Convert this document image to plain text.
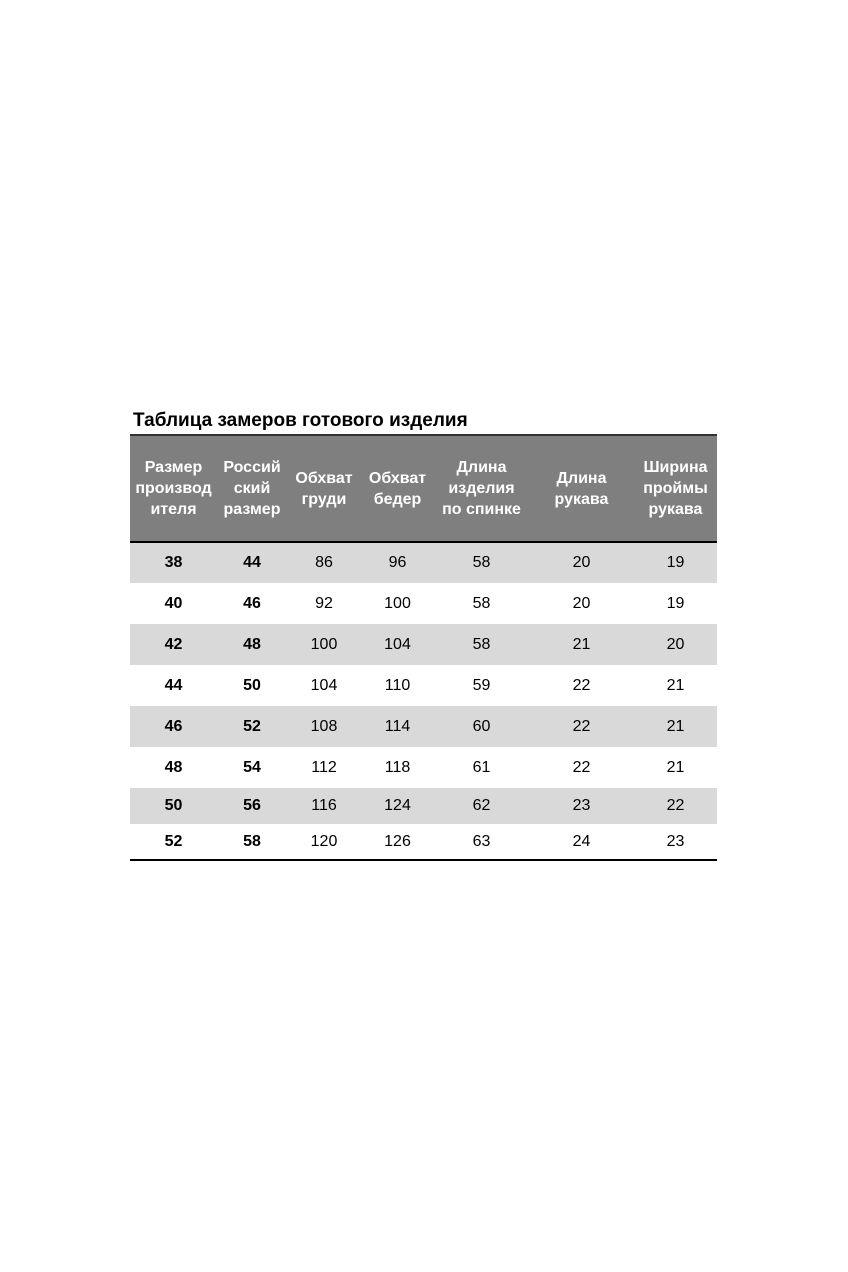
Таблица замеров готового изделия
Размер
производ
ителя	Россий
ский
размер	Обхват
груди	Обхват
бедер	Длина
изделия
по спинке	Длина
рукава	Ширина
проймы
рукава

38	44	86	96	58	20	19
40	46	92	100	58	20	19
42	48	100	104	58	21	20
44	50	104	110	59	22	21
46	52	108	114	60	22	21
48	54	112	118	61	22	21
50	56	116	124	62	23	22
52	58	120	126	63	24	23
